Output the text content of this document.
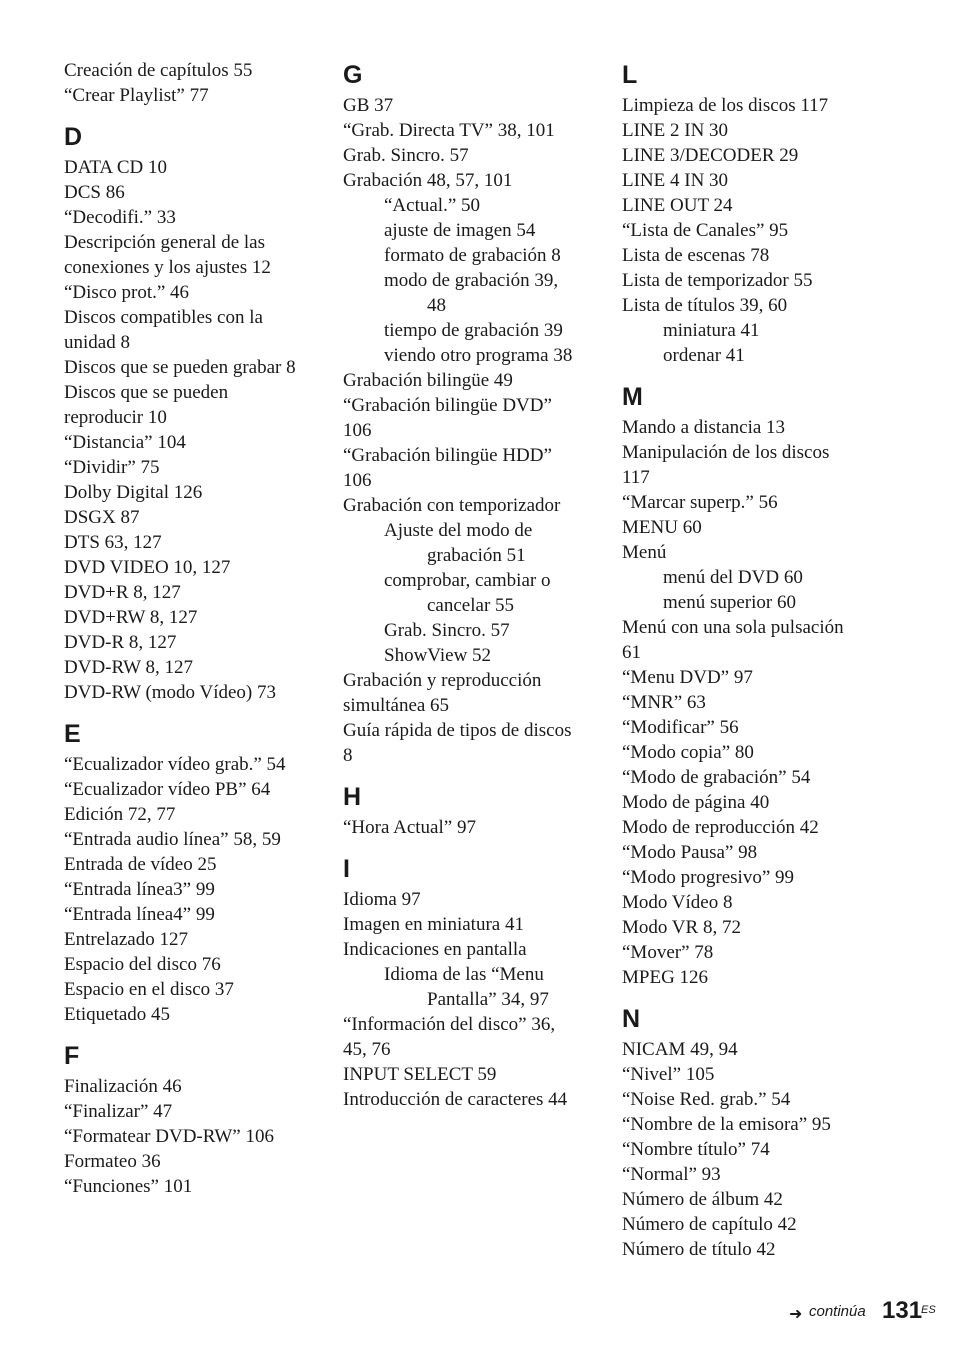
Creación de capítulos 55

“Crear Playlist” 77

D

DATA CD 10

DCS 86

“Decodifi.” 33

Descripción general de las

conexiones y los ajustes 12

“Disco prot.” 46

Discos compatibles con la

unidad 8

Discos que se pueden grabar 8

Discos que se pueden

reproducir 10

“Distancia” 104

“Dividir” 75

Dolby Digital 126

DSGX 87

DTS 63, 127

DVD VIDEO 10, 127

DVD+R 8, 127

DVD+RW 8, 127

DVD-R 8, 127

DVD-RW 8, 127

DVD-RW (modo Vídeo) 73

E

“Ecualizador vídeo grab.” 54

“Ecualizador vídeo PB” 64

Edición 72, 77

“Entrada audio línea” 58, 59

Entrada de vídeo 25

“Entrada línea3” 99

“Entrada línea4” 99

Entrelazado 127

Espacio del disco 76

Espacio en el disco 37

Etiquetado 45

F

Finalización 46

“Finalizar” 47

“Formatear DVD-RW” 106

Formateo 36

“Funciones” 101

G

GB 37

“Grab. Directa TV” 38, 101

Grab. Sincro. 57

Grabación 48, 57, 101

“Actual.” 50

ajuste de imagen 54

formato de grabación 8

modo de grabación 39,

48

tiempo de grabación 39

viendo otro programa 38

Grabación bilingüe 49

“Grabación bilingüe DVD”

106

“Grabación bilingüe HDD”

106

Grabación con temporizador

Ajuste del modo de

grabación 51

comprobar, cambiar o

cancelar 55

Grab. Sincro. 57

ShowView 52

Grabación y reproducción

simultánea 65

Guía rápida de tipos de discos

8

H

“Hora Actual” 97

I

Idioma 97

Imagen en miniatura 41

Indicaciones en pantalla

Idioma de las “Menu

Pantalla” 34, 97

“Información del disco” 36,

45, 76

INPUT SELECT 59

Introducción de caracteres 44

L

Limpieza de los discos 117

LINE 2 IN 30

LINE 3/DECODER 29

LINE 4 IN 30

LINE OUT 24

“Lista de Canales” 95

Lista de escenas 78

Lista de temporizador 55

Lista de títulos 39, 60

miniatura 41

ordenar 41

M

Mando a distancia 13

Manipulación de los discos

117

“Marcar superp.” 56

MENU 60

Menú

menú del DVD 60

menú superior 60

Menú con una sola pulsación

61

“Menu DVD” 97

“MNR” 63

“Modificar” 56

“Modo copia” 80

“Modo de grabación” 54

Modo de página 40

Modo de reproducción 42

“Modo Pausa” 98

“Modo progresivo” 99

Modo Vídeo 8

Modo VR 8, 72

“Mover” 78

MPEG 126

N

NICAM 49, 94

“Nivel” 105

“Noise Red. grab.” 54

“Nombre de la emisora” 95

“Nombre título” 74

“Normal” 93

Número de álbum 42

Número de capítulo 42

Número de título 42

➜ continúa 131
ES
